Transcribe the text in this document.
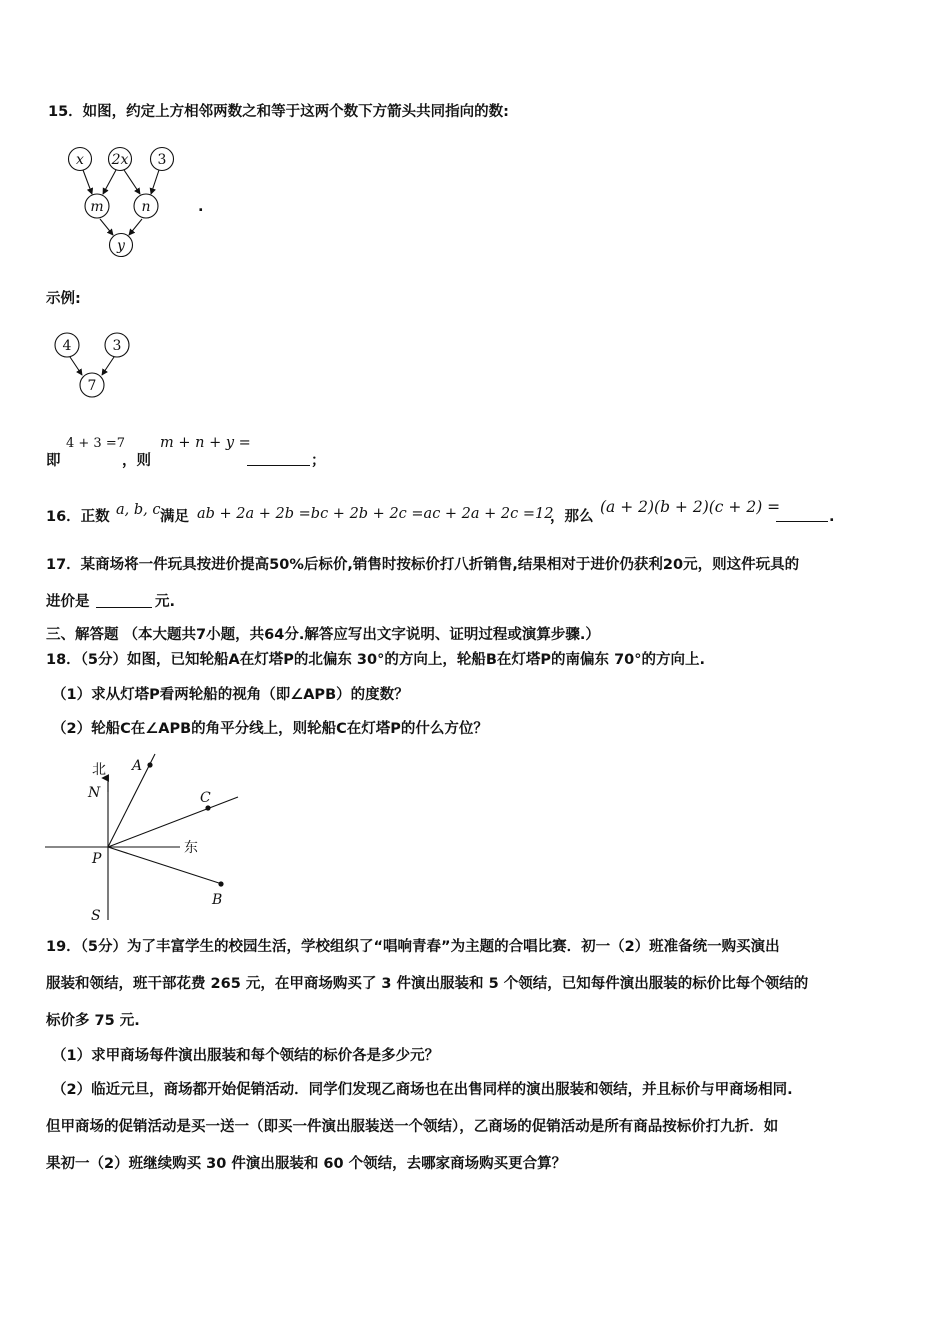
15．如图，约定上方相邻两数之和等于这两个数下方箭头共同指向的数:
x 2x 3
m	n
y
.
示例:
4	3
7
即
4 + 3 =7
，则
m + n + y =
；
16．正数 a, b, c 满足 ab + 2a + 2b =bc + 2b + 2c =ac + 2a + 2c =12
，那么
(a + 2)(b + 2)(c + 2) =
.
17．某商场将一件玩具按进价提高50%后标价,销售时按标价打八折销售,结果相对于进价仍获利20元，则这件玩具的
进价是	元.
三、解答题 （本大题共7小题，共64分.解答应写出文字说明、证明过程或演算步骤.）
18．（5分）如图，已知轮船A在灯塔P的北偏东 30°的方向上，轮船B在灯塔P的南偏东 70°的方向上.
（1）求从灯塔P看两轮船的视角（即∠APB）的度数？
（2）轮船C在∠APB的角平分线上，则轮船C在灯塔P的什么方位？
北
N
A
C
东
P
B
S
19．（5分）为了丰富学生的校园生活，学校组织了“唱响青春”为主题的合唱比赛．初一（2）班准备统一购买演出
服装和领结，班干部花费 265 元，在甲商场购买了 3 件演出服装和 5 个领结，已知每件演出服装的标价比每个领结的
标价多 75 元.
（1）求甲商场每件演出服装和每个领结的标价各是多少元？
（2）临近元旦，商场都开始促销活动．同学们发现乙商场也在出售同样的演出服装和领结，并且标价与甲商场相同.
但甲商场的促销活动是买一送一（即买一件演出服装送一个领结），乙商场的促销活动是所有商品按标价打九折．如
果初一（2）班继续购买 30 件演出服装和 60 个领结，去哪家商场购买更合算？
